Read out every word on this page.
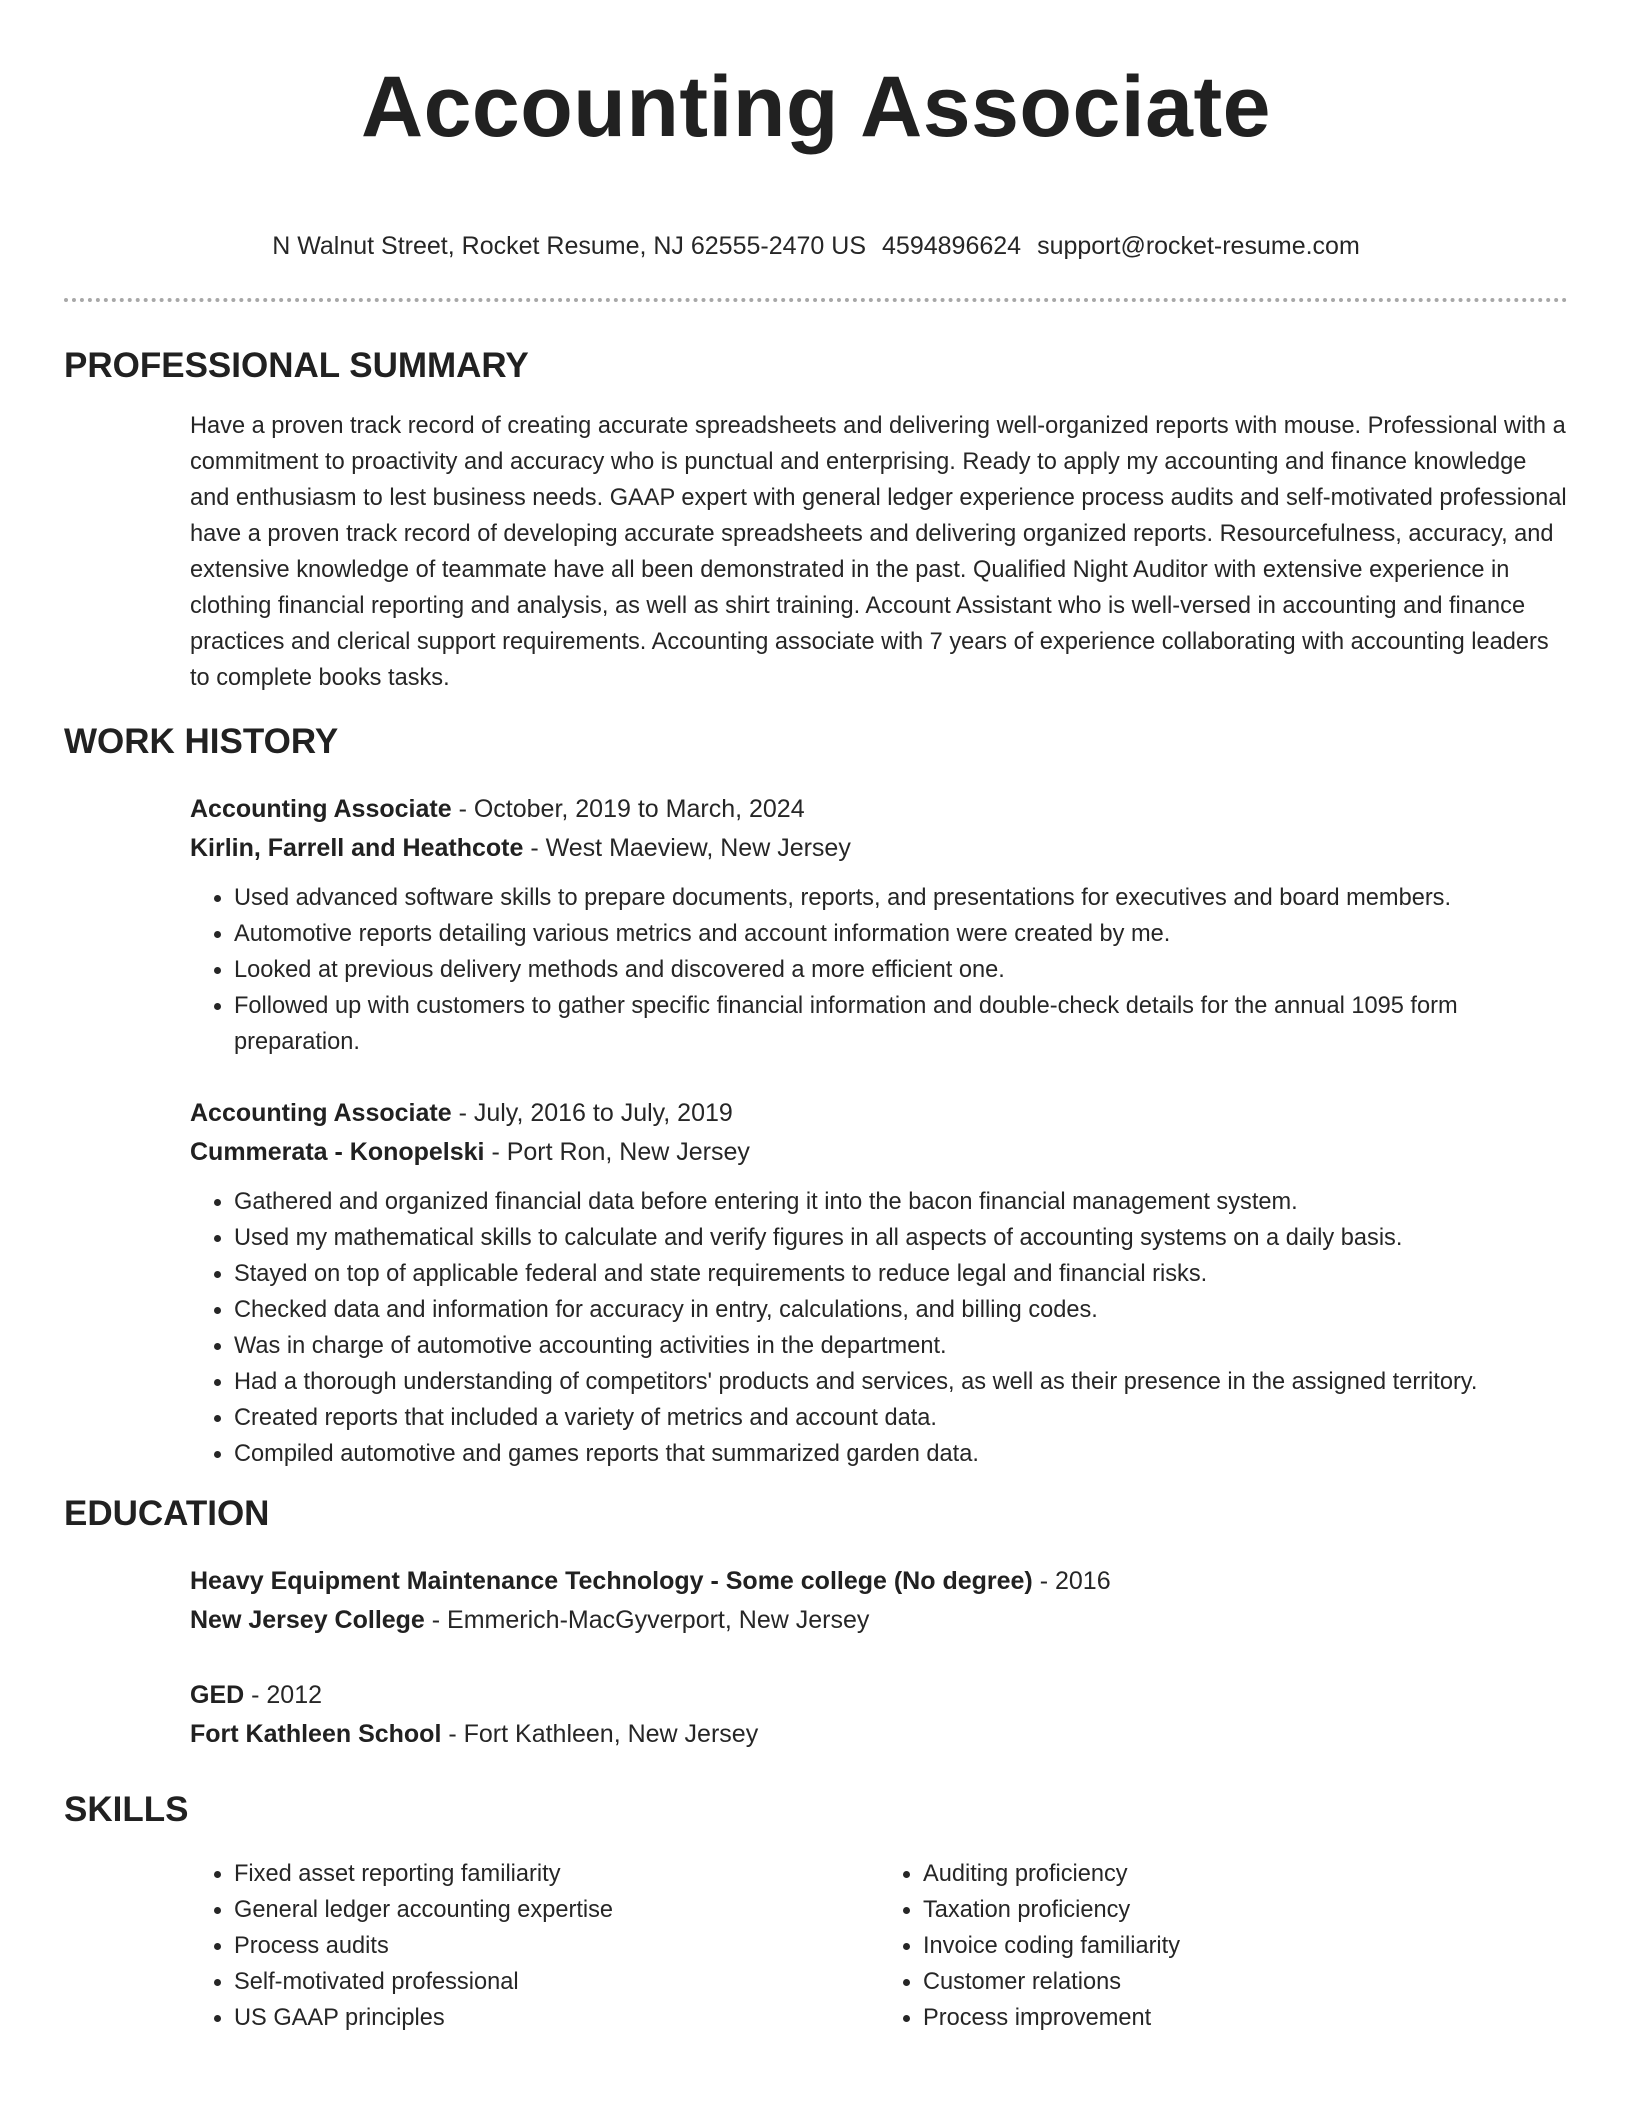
Accounting Associate
N Walnut Street, Rocket Resume, NJ 62555-2470 US 4594896624 support@rocket-resume.com
PROFESSIONAL SUMMARY
Have a proven track record of creating accurate spreadsheets and delivering well-organized reports with mouse. Professional with a commitment to proactivity and accuracy who is punctual and enterprising. Ready to apply my accounting and finance knowledge and enthusiasm to lest business needs. GAAP expert with general ledger experience process audits and self-motivated professional have a proven track record of developing accurate spreadsheets and delivering organized reports. Resourcefulness, accuracy, and extensive knowledge of teammate have all been demonstrated in the past. Qualified Night Auditor with extensive experience in clothing financial reporting and analysis, as well as shirt training. Account Assistant who is well-versed in accounting and finance practices and clerical support requirements. Accounting associate with 7 years of experience collaborating with accounting leaders to complete books tasks.
WORK HISTORY
Accounting Associate - October, 2019 to March, 2024
Kirlin, Farrell and Heathcote - West Maeview, New Jersey
• Used advanced software skills to prepare documents, reports, and presentations for executives and board members.
• Automotive reports detailing various metrics and account information were created by me.
• Looked at previous delivery methods and discovered a more efficient one.
• Followed up with customers to gather specific financial information and double-check details for the annual 1095 form preparation.
Accounting Associate - July, 2016 to July, 2019
Cummerata - Konopelski - Port Ron, New Jersey
• Gathered and organized financial data before entering it into the bacon financial management system.
• Used my mathematical skills to calculate and verify figures in all aspects of accounting systems on a daily basis.
• Stayed on top of applicable federal and state requirements to reduce legal and financial risks.
• Checked data and information for accuracy in entry, calculations, and billing codes.
• Was in charge of automotive accounting activities in the department.
• Had a thorough understanding of competitors' products and services, as well as their presence in the assigned territory.
• Created reports that included a variety of metrics and account data.
• Compiled automotive and games reports that summarized garden data.
EDUCATION
Heavy Equipment Maintenance Technology - Some college (No degree) - 2016
New Jersey College - Emmerich-MacGyverport, New Jersey
GED - 2012
Fort Kathleen School - Fort Kathleen, New Jersey
SKILLS
• Fixed asset reporting familiarity
• General ledger accounting expertise
• Process audits
• Self-motivated professional
• US GAAP principles
• Auditing proficiency
• Taxation proficiency
• Invoice coding familiarity
• Customer relations
• Process improvement
